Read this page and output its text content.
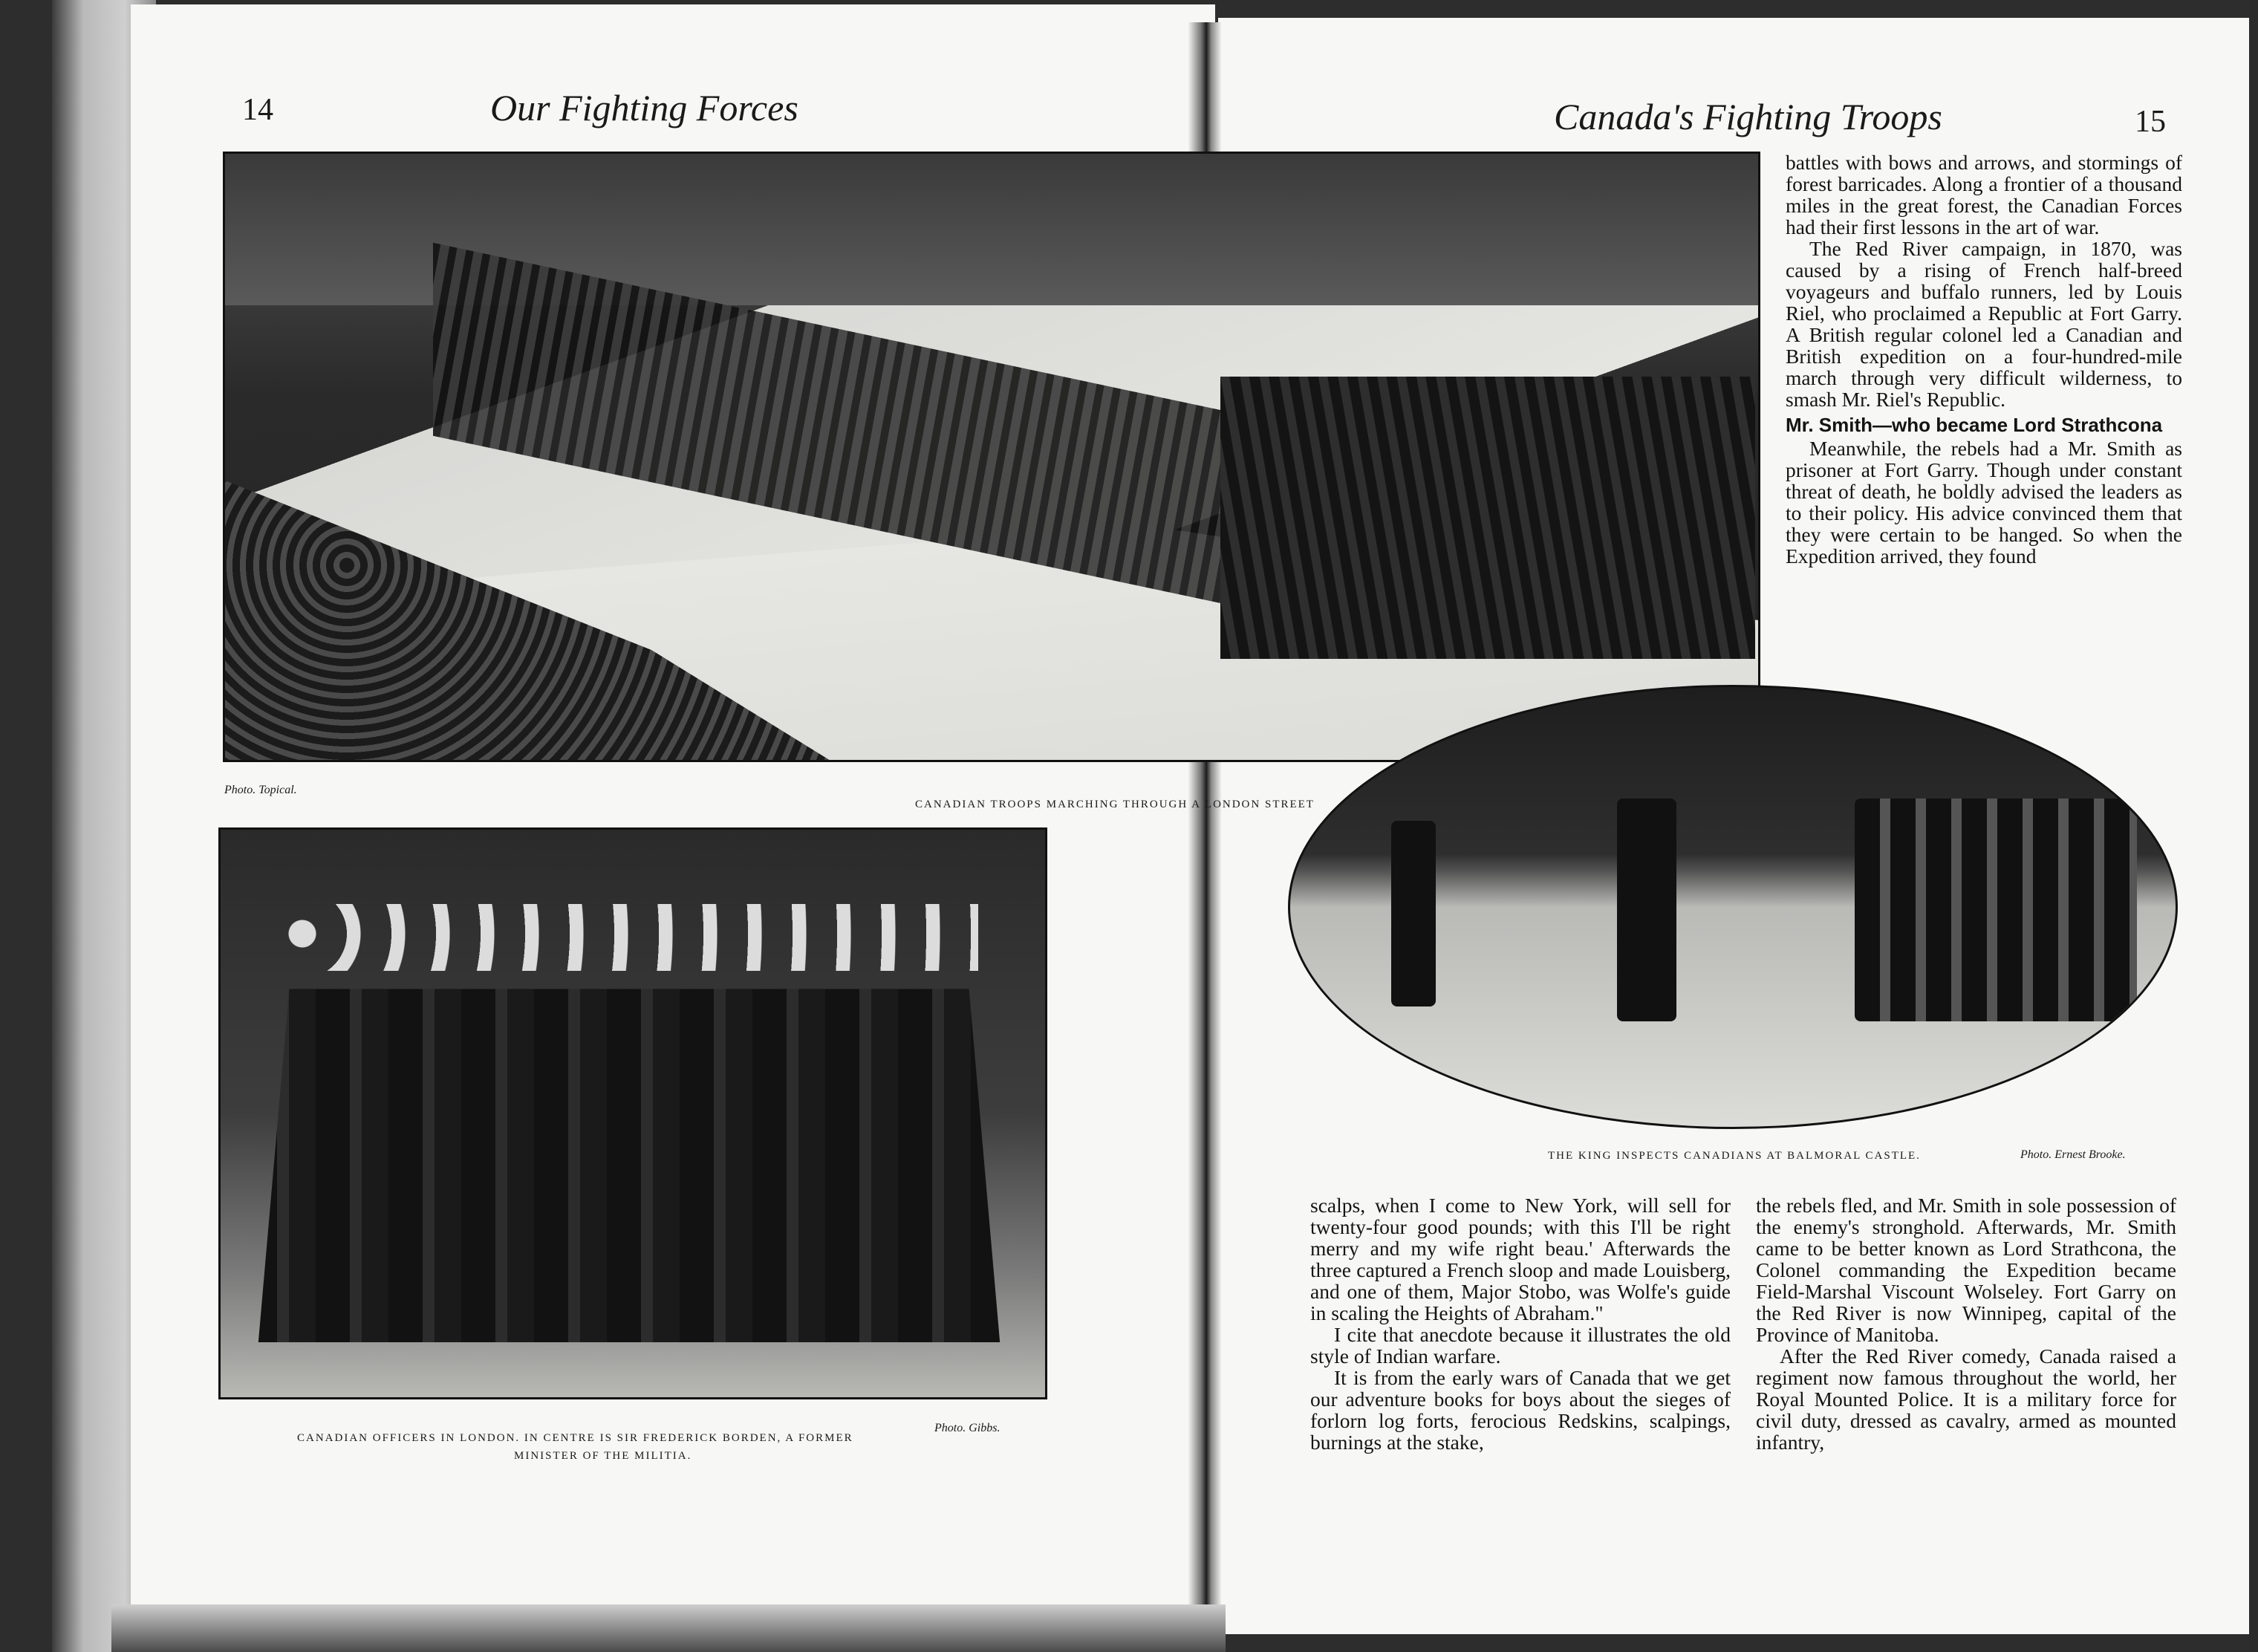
14	Our Fighting Forces	Canada's Fighting Troops	15
Photo. Topical.
CANADIAN TROOPS MARCHING THROUGH A LONDON STREET

battles with bows and arrows, and stormings of forest barricades. Along a frontier of a thousand miles in the great forest, the Canadian Forces had their first lessons in the art of war.

The Red River campaign, in 1870, was caused by a rising of French half-breed voyageurs and buffalo runners, led by Louis Riel, who proclaimed a Republic at Fort Garry. A British regular colonel led a Canadian and British expedition on a four-hundred-mile march through very difficult wilderness, to smash Mr. Riel's Republic.

Mr. Smith—who became Lord Strathcona

Meanwhile, the rebels had a Mr. Smith as prisoner at Fort Garry. Though under constant threat of death, he boldly advised the leaders as to their policy. His advice convinced them that they were certain to be hanged. So when the Expedition arrived, they found

Photo. Gibbs.
CANADIAN OFFICERS IN LONDON. IN CENTRE IS SIR FREDERICK BORDEN, A FORMER
MINISTER OF THE MILITIA.
THE KING INSPECTS CANADIANS AT BALMORAL CASTLE.	Photo. Ernest Brooke.

scalps, when I come to New York, will sell for twenty-four good pounds; with this I'll be right merry and my wife right beau.' Afterwards the three captured a French sloop and made Louisberg, and one of them, Major Stobo, was Wolfe's guide in scaling the Heights of Abraham."

I cite that anecdote because it illustrates the old style of Indian warfare.

It is from the early wars of Canada that we get our adventure books for boys about the sieges of forlorn log forts, ferocious Redskins, scalpings, burnings at the stake,

the rebels fled, and Mr. Smith in sole possession of the enemy's stronghold. Afterwards, Mr. Smith came to be better known as Lord Strathcona, the Colonel commanding the Expedition became Field-Marshal Viscount Wolseley. Fort Garry on the Red River is now Winnipeg, capital of the Province of Manitoba.

After the Red River comedy, Canada raised a regiment now famous throughout the world, her Royal Mounted Police. It is a military force for civil duty, dressed as cavalry, armed as mounted infantry,
